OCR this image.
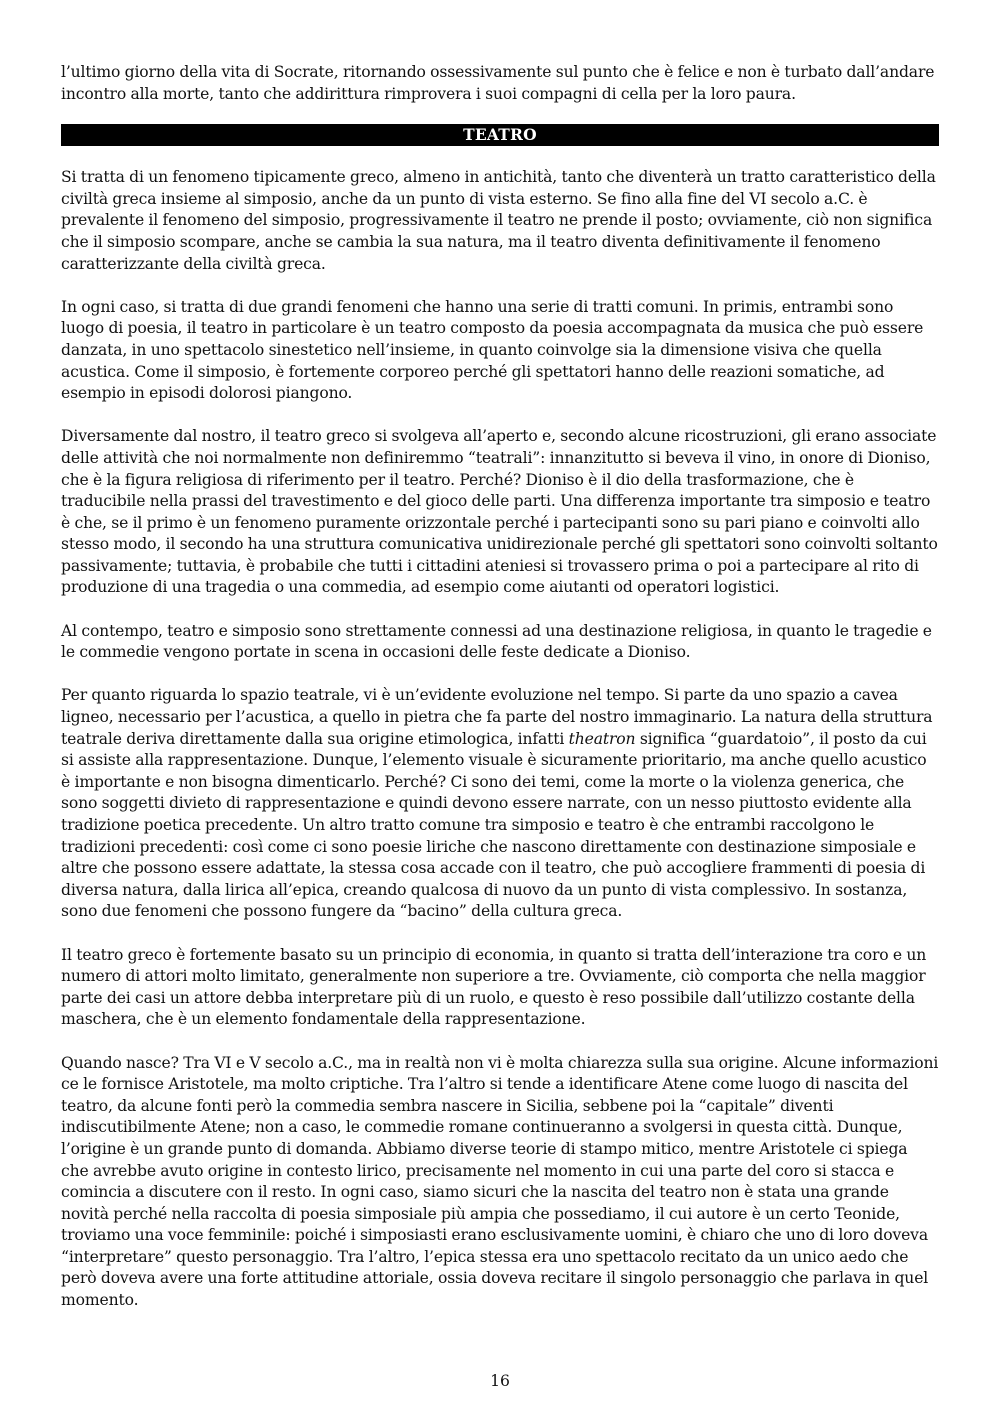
l’ultimo giorno della vita di Socrate, ritornando ossessivamente sul punto che è felice e non è turbato dall’andare incontro alla morte, tanto che addirittura rimprovera i suoi compagni di cella per la loro paura.

TEATRO

Si tratta di un fenomeno tipicamente greco, almeno in antichità, tanto che diventerà un tratto caratteristico della civiltà greca insieme al simposio, anche da un punto di vista esterno. Se fino alla fine del VI secolo a.C. è prevalente il fenomeno del simposio, progressivamente il teatro ne prende il posto; ovviamente, ciò non significa che il simposio scompare, anche se cambia la sua natura, ma il teatro diventa definitivamente il fenomeno caratterizzante della civiltà greca.

In ogni caso, si tratta di due grandi fenomeni che hanno una serie di tratti comuni. In primis, entrambi sono luogo di poesia, il teatro in particolare è un teatro composto da poesia accompagnata da musica che può essere danzata, in uno spettacolo sinestetico nell’insieme, in quanto coinvolge sia la dimensione visiva che quella acustica. Come il simposio, è fortemente corporeo perché gli spettatori hanno delle reazioni somatiche, ad esempio in episodi dolorosi piangono.

Diversamente dal nostro, il teatro greco si svolgeva all’aperto e, secondo alcune ricostruzioni, gli erano associate delle attività che noi normalmente non definiremmo “teatrali”: innanzitutto si beveva il vino, in onore di Dioniso, che è la figura religiosa di riferimento per il teatro. Perché? Dioniso è il dio della trasformazione, che è traducibile nella prassi del travestimento e del gioco delle parti. Una differenza importante tra simposio e teatro è che, se il primo è un fenomeno puramente orizzontale perché i partecipanti sono su pari piano e coinvolti allo stesso modo, il secondo ha una struttura comunicativa unidirezionale perché gli spettatori sono coinvolti soltanto passivamente; tuttavia, è probabile che tutti i cittadini ateniesi si trovassero prima o poi a partecipare al rito di produzione di una tragedia o una commedia, ad esempio come aiutanti od operatori logistici.

Al contempo, teatro e simposio sono strettamente connessi ad una destinazione religiosa, in quanto le tragedie e le commedie vengono portate in scena in occasioni delle feste dedicate a Dioniso.

Per quanto riguarda lo spazio teatrale, vi è un’evidente evoluzione nel tempo. Si parte da uno spazio a cavea ligneo, necessario per l’acustica, a quello in pietra che fa parte del nostro immaginario. La natura della struttura teatrale deriva direttamente dalla sua origine etimologica, infatti theatron significa “guardatoio”, il posto da cui si assiste alla rappresentazione. Dunque, l’elemento visuale è sicuramente prioritario, ma anche quello acustico è importante e non bisogna dimenticarlo. Perché? Ci sono dei temi, come la morte o la violenza generica, che sono soggetti divieto di rappresentazione e quindi devono essere narrate, con un nesso piuttosto evidente alla tradizione poetica precedente. Un altro tratto comune tra simposio e teatro è che entrambi raccolgono le tradizioni precedenti: così come ci sono poesie liriche che nascono direttamente con destinazione simposiale e altre che possono essere adattate, la stessa cosa accade con il teatro, che può accogliere frammenti di poesia di diversa natura, dalla lirica all’epica, creando qualcosa di nuovo da un punto di vista complessivo. In sostanza, sono due fenomeni che possono fungere da “bacino” della cultura greca.

Il teatro greco è fortemente basato su un principio di economia, in quanto si tratta dell’interazione tra coro e un numero di attori molto limitato, generalmente non superiore a tre. Ovviamente, ciò comporta che nella maggior parte dei casi un attore debba interpretare più di un ruolo, e questo è reso possibile dall’utilizzo costante della maschera, che è un elemento fondamentale della rappresentazione.

Quando nasce? Tra VI e V secolo a.C., ma in realtà non vi è molta chiarezza sulla sua origine. Alcune informazioni ce le fornisce Aristotele, ma molto criptiche. Tra l’altro si tende a identificare Atene come luogo di nascita del teatro, da alcune fonti però la commedia sembra nascere in Sicilia, sebbene poi la “capitale” diventi indiscutibilmente Atene; non a caso, le commedie romane continueranno a svolgersi in questa città. Dunque, l’origine è un grande punto di domanda. Abbiamo diverse teorie di stampo mitico, mentre Aristotele ci spiega che avrebbe avuto origine in contesto lirico, precisamente nel momento in cui una parte del coro si stacca e comincia a discutere con il resto. In ogni caso, siamo sicuri che la nascita del teatro non è stata una grande novità perché nella raccolta di poesia simposiale più ampia che possediamo, il cui autore è un certo Teonide, troviamo una voce femminile: poiché i simposiasti erano esclusivamente uomini, è chiaro che uno di loro doveva “interpretare” questo personaggio. Tra l’altro, l’epica stessa era uno spettacolo recitato da un unico aedo che però doveva avere una forte attitudine attoriale, ossia doveva recitare il singolo personaggio che parlava in quel momento.

16
